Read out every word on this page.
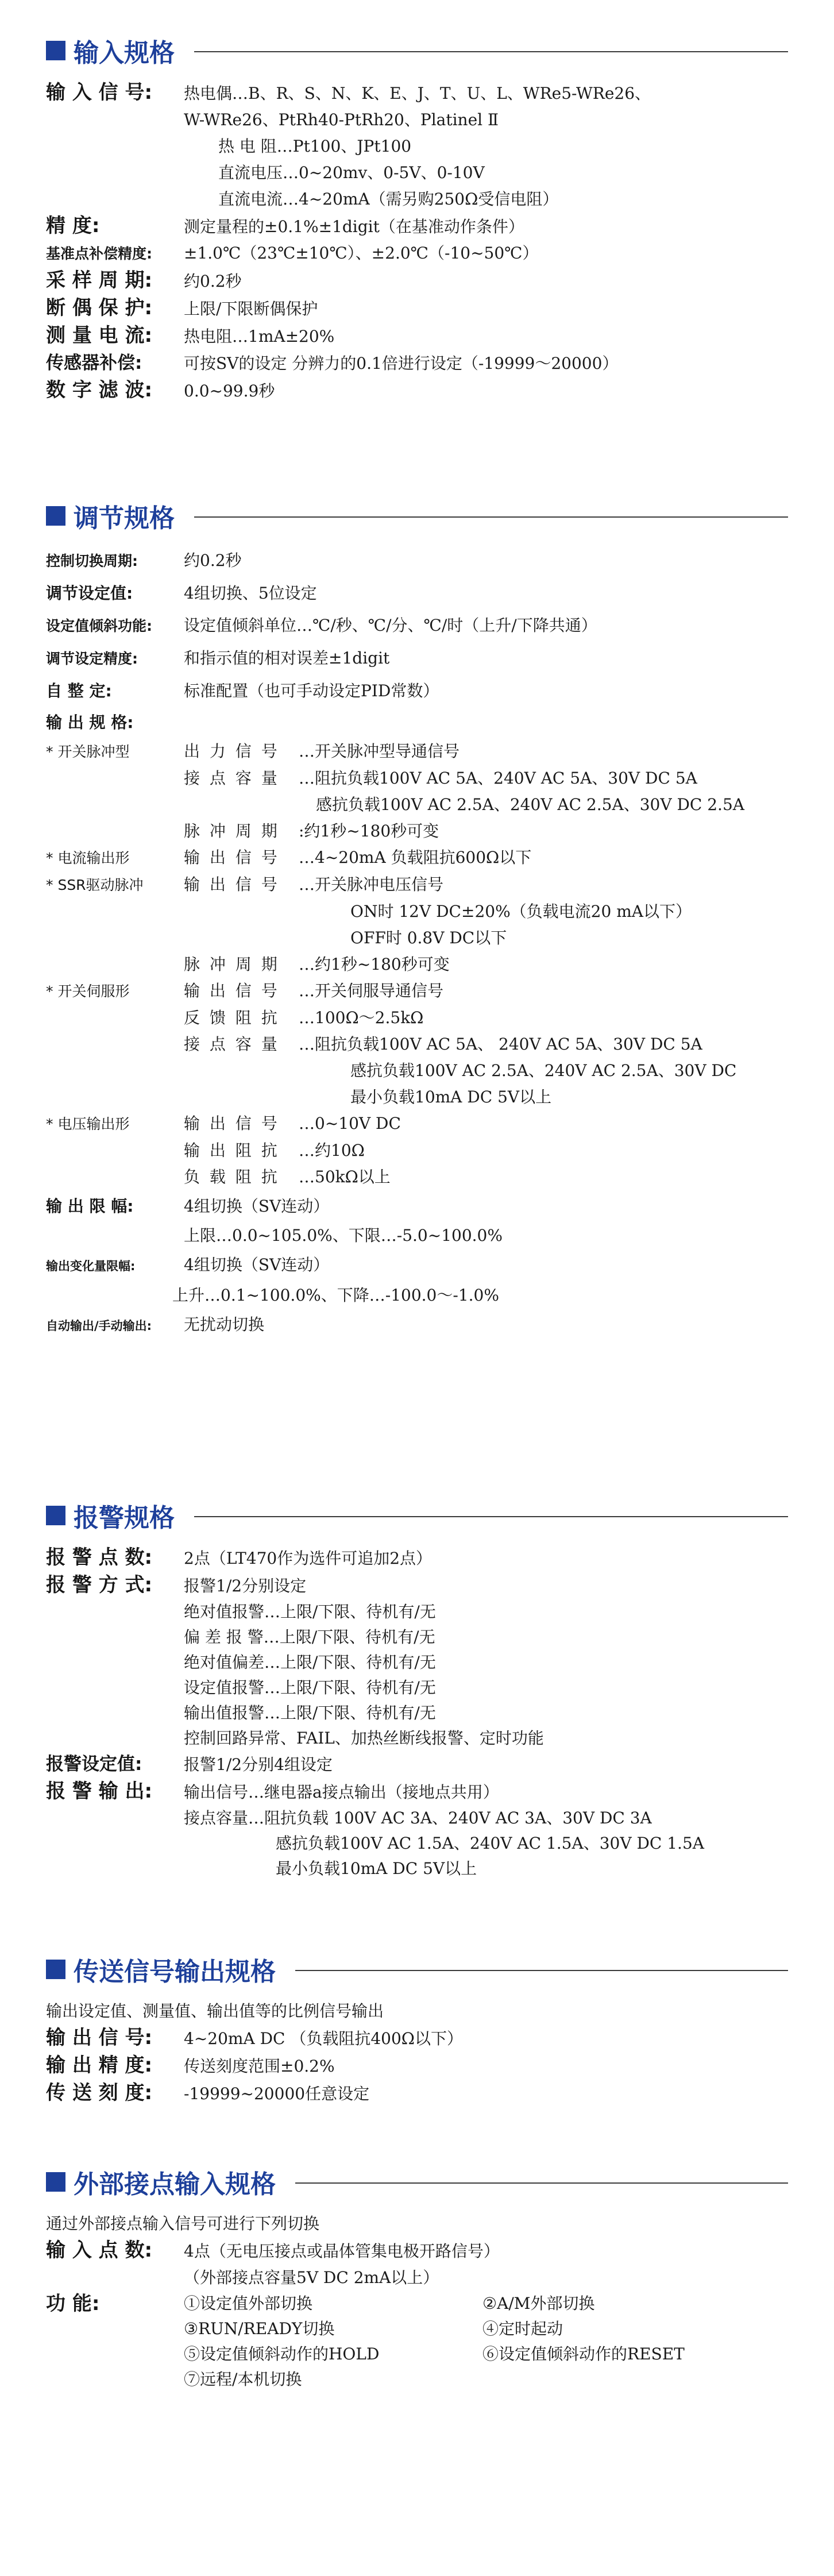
输入规格
输 入 信 号:	热电偶…B、R、S、N、K、E、J、T、U、L、WRe5-WRe26、
W-WRe26、PtRh40-PtRh20、Platinel Ⅱ
热 电 阻…Pt100、JPt100
直流电压…0~20mv、0-5V、0-10V
直流电流…4~20mA（需另购250Ω受信电阻）
精 度:	测定量程的±0.1%±1digit（在基准动作条件）
基准点补偿精度:	±1.0℃（23℃±10℃）、±2.0℃（-10~50℃）
采 样 周 期:	约0.2秒
断 偶 保 护:	上限/下限断偶保护
测 量 电 流:	热电阻…1mA±20%
传感器补偿:	可按SV的设定 分辨力的0.1倍进行设定（-19999～20000）
数 字 滤 波:	0.0~99.9秒
调节规格
控制切换周期:	约0.2秒
调节设定值:	4组切换、5位设定
设定值倾斜功能:	设定值倾斜单位…℃/秒、℃/分、℃/时（上升/下降共通）
调节设定精度:	和指示值的相对误差±1digit
自 整 定:	标准配置（也可手动设定PID常数）
输 出 规 格:
* 开关脉冲型	出 力 信 号	…开关脉冲型导通信号
接 点 容 量	…阻抗负载100V AC 5A、240V AC 5A、30V DC 5A
感抗负载100V AC 2.5A、240V AC 2.5A、30V DC 2.5A
脉 冲 周 期	:约1秒~180秒可变
* 电流输出形	输 出 信 号	…4~20mA 负载阻抗600Ω以下
* SSR驱动脉冲	输 出 信 号	…开关脉冲电压信号
ON时 12V DC±20%（负载电流20 mA以下）
OFF时 0.8V DC以下
脉 冲 周 期	…约1秒~180秒可变
* 开关伺服形	输 出 信 号	…开关伺服导通信号
反 馈 阻 抗	…100Ω～2.5kΩ
接 点 容 量	…阻抗负载100V AC 5A、 240V AC 5A、30V DC 5A
感抗负载100V AC 2.5A、240V AC 2.5A、30V DC
最小负载10mA DC 5V以上
* 电压输出形	输 出 信 号	…0~10V DC
输 出 阻 抗	…约10Ω
负 载 阻 抗	…50kΩ以上
输 出 限 幅:	4组切换（SV连动）
上限…0.0~105.0%、下限…-5.0~100.0%
输出变化量限幅:	4组切换（SV连动）
上升…0.1~100.0%、下降…-100.0～-1.0%
自动输出/手动输出:	无扰动切换
报警规格
报 警 点 数:	2点（LT470作为选件可追加2点）
报 警 方 式:	报警1/2分别设定
绝对值报警…上限/下限、待机有/无
偏 差 报 警…上限/下限、待机有/无
绝对值偏差…上限/下限、待机有/无
设定值报警…上限/下限、待机有/无
输出值报警…上限/下限、待机有/无
控制回路异常、FAIL、加热丝断线报警、定时功能
报警设定值:	报警1/2分别4组设定
报 警 输 出:	输出信号…继电器a接点输出（接地点共用）
接点容量…阻抗负载 100V AC 3A、240V AC 3A、30V DC 3A
感抗负载100V AC 1.5A、240V AC 1.5A、30V DC 1.5A
最小负载10mA DC 5V以上
传送信号输出规格
输出设定值、测量值、输出值等的比例信号输出
输 出 信 号:	4~20mA DC （负载阻抗400Ω以下）
输 出 精 度:	传送刻度范围±0.2%
传 送 刻 度:	-19999~20000任意设定
外部接点输入规格
通过外部接点输入信号可进行下列切换
输 入 点 数:	4点（无电压接点或晶体管集电极开路信号）
（外部接点容量5V DC 2mA以上）
功 能:	①设定值外部切换	②A/M外部切换
③RUN/READY切换	④定时起动
⑤设定值倾斜动作的HOLD	⑥设定值倾斜动作的RESET
⑦远程/本机切换
